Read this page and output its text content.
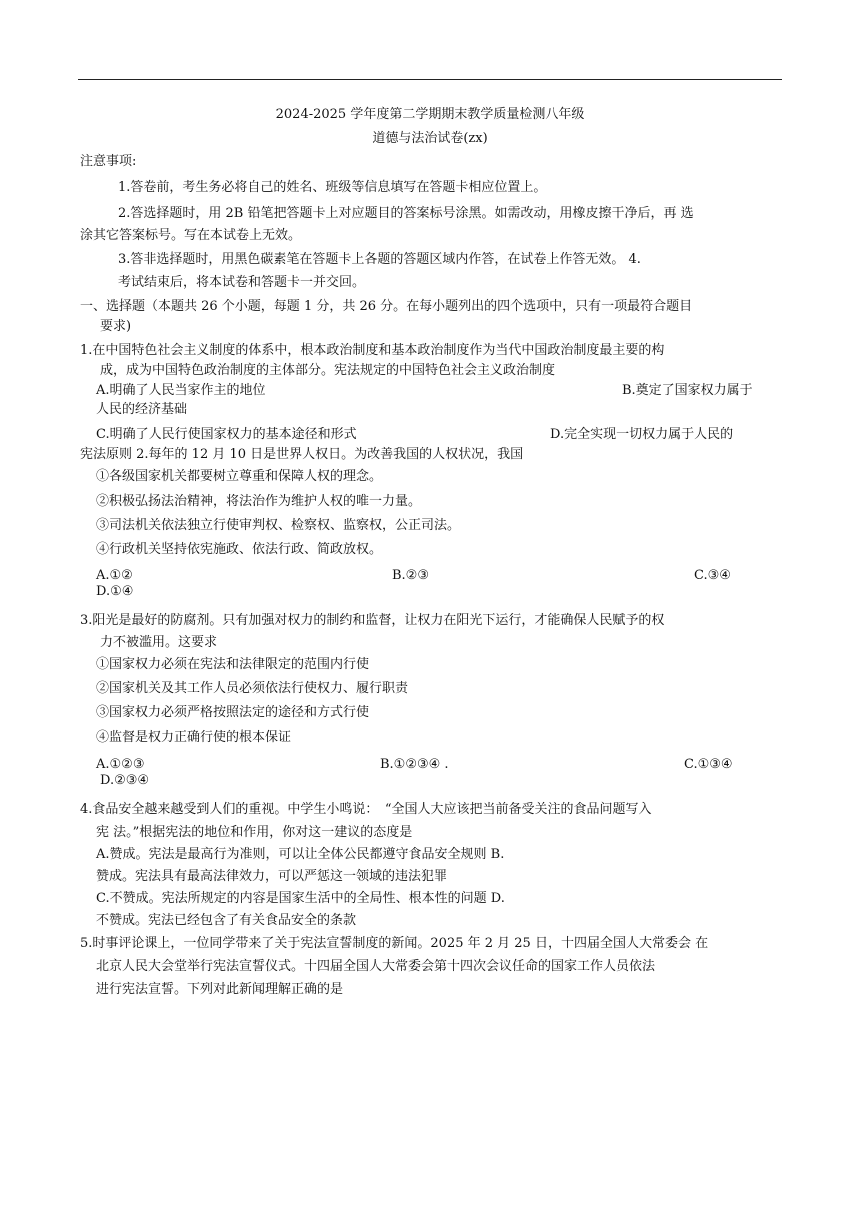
2024-2025 学年度第二学期期末教学质量检测八年级
道德与法治试卷(zx)
注意事项:
1.答卷前，考生务必将自己的姓名、班级等信息填写在答题卡相应位置上。
2.答选择题时，用 2B 铅笔把答题卡上对应题目的答案标号涂黑。如需改动，用橡皮擦干净后，再 选
涂其它答案标号。写在本试卷上无效。
3.答非选择题时，用黑色碳素笔在答题卡上各题的答题区域内作答，在试卷上作答无效。 4.
考试结束后，将本试卷和答题卡一并交回。
一、选择题（本题共 26 个小题，每题 1 分，共 26 分。在每小题列出的四个选项中，只有一项最符合题目
要求)
1.在中国特色社会主义制度的体系中，根本政治制度和基本政治制度作为当代中国政治制度最主要的构
成，成为中国特色政治制度的主体部分。宪法规定的中国特色社会主义政治制度
A.明确了人民当家作主的地位	B.奠定了国家权力属于
人民的经济基础
C.明确了人民行使国家权力的基本途径和形式	D.完全实现一切权力属于人民的
宪法原则 2.每年的 12 月 10 日是世界人权日。为改善我国的人权状况，我国
①各级国家机关都要树立尊重和保障人权的理念。
②积极弘扬法治精神，将法治作为维护人权的唯一力量。
③司法机关依法独立行使审判权、检察权、监察权，公正司法。
④行政机关坚持依宪施政、依法行政、简政放权。
A.①②	B.②③	C.③④
D.①④
3.阳光是最好的防腐剂。只有加强对权力的制约和监督，让权力在阳光下运行，才能确保人民赋予的权
力不被滥用。这要求
①国家权力必须在宪法和法律限定的范围内行使
②国家机关及其工作人员必须依法行使权力、履行职责
③国家权力必须严格按照法定的途径和方式行使
④监督是权力正确行使的根本保证
A.①②③	B.①②③④ .	C.①③④
D.②③④
4.食品安全越来越受到人们的重视。中学生小鸣说：　“全国人大应该把当前备受关注的食品问题写入
宪 法。”根据宪法的地位和作用，你对这一建议的态度是
A.赞成。宪法是最高行为准则，可以让全体公民都遵守食品安全规则 B.
赞成。宪法具有最高法律效力，可以严惩这一领域的违法犯罪
C.不赞成。宪法所规定的内容是国家生活中的全局性、根本性的问题 D.
不赞成。宪法已经包含了有关食品安全的条款
5.时事评论课上，一位同学带来了关于宪法宣誓制度的新闻。2025 年 2 月 25 日，十四届全国人大常委会 在
北京人民大会堂举行宪法宣誓仪式。十四届全国人大常委会第十四次会议任命的国家工作人员依法
进行宪法宣誓。下列对此新闻理解正确的是
